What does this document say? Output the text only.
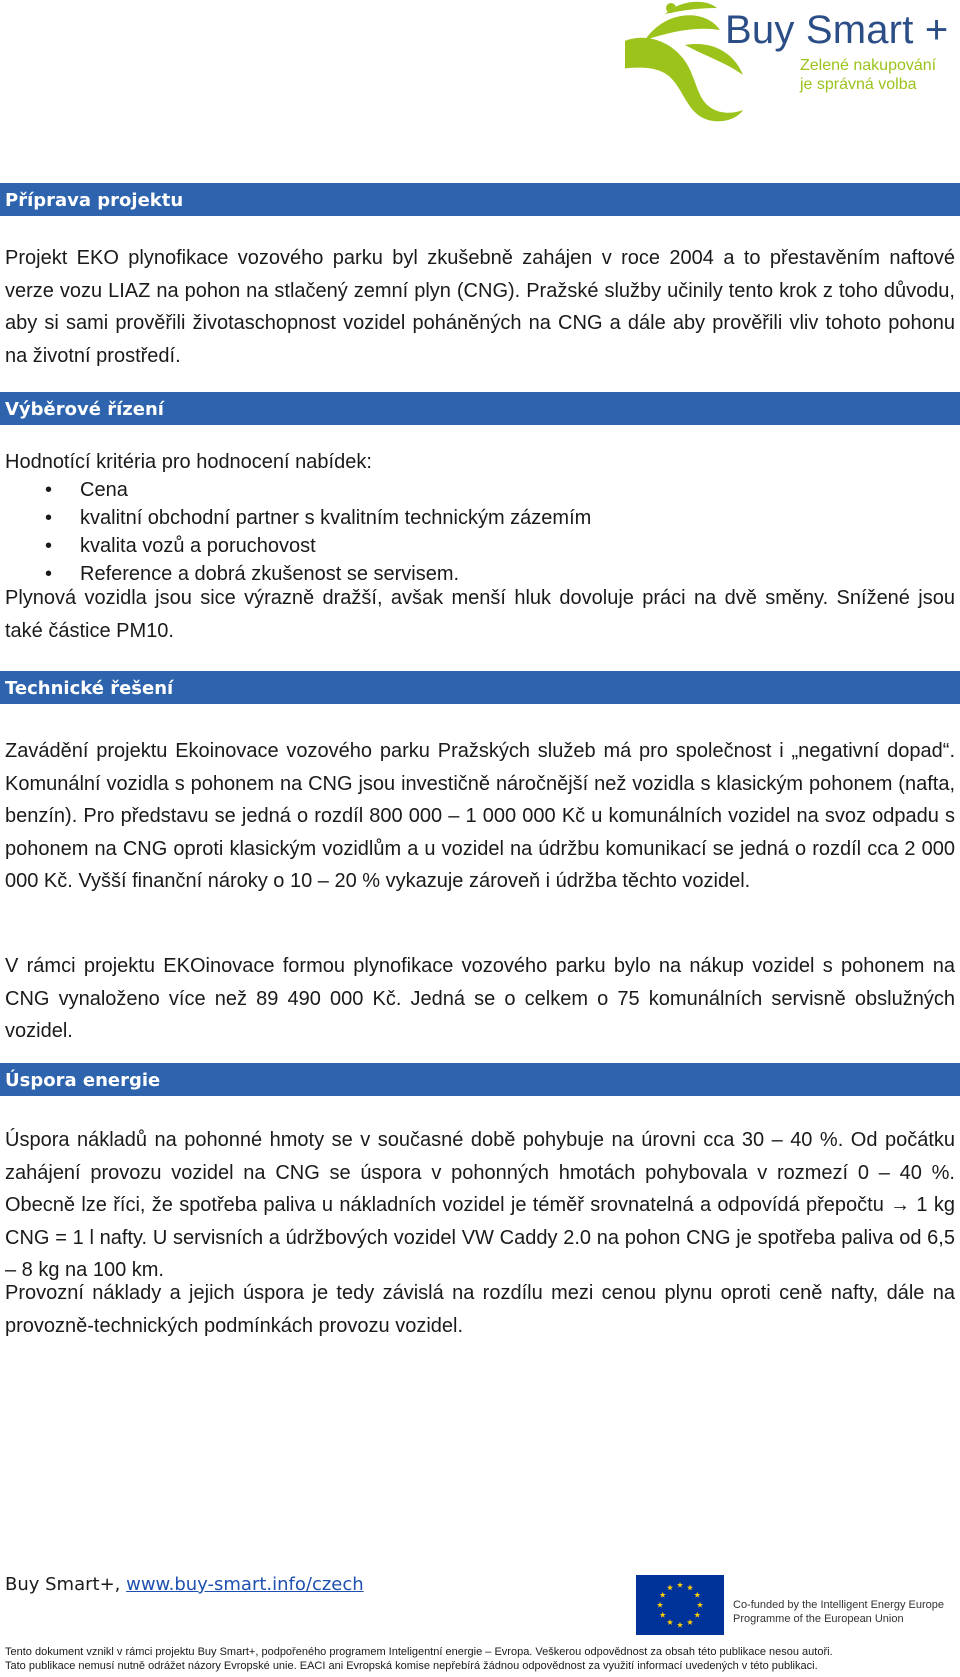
Buy Smart +
Zelené nakupování
je správná volba
Příprava projektu

Projekt EKO plynofikace vozového parku byl zkušebně zahájen v roce 2004 a to přestavěním naftové verze vozu LIAZ na pohon na stlačený zemní plyn (CNG). Pražské služby učinily tento krok z toho důvodu, aby si sami prověřili životaschopnost vozidel poháněných na CNG a dále aby prověřili vliv tohoto pohonu na životní prostředí.

Výběrové řízení
Hodnotící kritéria pro hodnocení nabídek:
• Cena
• kvalitní obchodní partner s kvalitním technickým zázemím
• kvalita vozů a poruchovost
• Reference a dobrá zkušenost se servisem.

Plynová vozidla jsou sice výrazně dražší, avšak menší hluk dovoluje práci na dvě směny. Snížené jsou také částice PM10.

Technické řešení

Zavádění projektu Ekoinovace vozového parku Pražských služeb má pro společnost i „negativní dopad“. Komunální vozidla s pohonem na CNG jsou investičně náročnější než vozidla s klasickým pohonem (nafta, benzín). Pro představu se jedná o rozdíl 800 000 – 1 000 000 Kč u komunálních vozidel na svoz odpadu s pohonem na CNG oproti klasickým vozidlům a u vozidel na údržbu komunikací se jedná o rozdíl cca 2 000 000 Kč. Vyšší finanční nároky o 10 – 20 % vykazuje zároveň i údržba těchto vozidel.

V rámci projektu EKOinovace formou plynofikace vozového parku bylo na nákup vozidel s pohonem na CNG vynaloženo více než 89 490 000 Kč. Jedná se o celkem o 75 komunálních servisně obslužných vozidel.

Úspora energie

Úspora nákladů na pohonné hmoty se v současné době pohybuje na úrovni cca 30 – 40 %. Od počátku zahájení provozu vozidel na CNG se úspora v pohonných hmotách pohybovala v rozmezí 0 – 40 %. Obecně lze říci, že spotřeba paliva u nákladních vozidel je téměř srovnatelná a odpovídá přepočtu → 1 kg CNG = 1 l nafty. U servisních a údržbových vozidel VW Caddy 2.0 na pohon CNG je spotřeba paliva od 6,5 – 8 kg na 100 km.

Provozní náklady a jejich úspora je tedy závislá na rozdílu mezi cenou plynu oproti ceně nafty, dále na provozně-technických podmínkách provozu vozidel.

Buy Smart+, www.buy-smart.info/czech
Co-funded by the Intelligent Energy Europe
Programme of the European Union
Tento dokument vznikl v rámci projektu Buy Smart+, podpořeného programem Inteligentní energie – Evropa. Veškerou odpovědnost za obsah této publikace nesou autoři.
Tato publikace nemusí nutně odrážet názory Evropské unie. EACI ani Evropská komise nepřebírá žádnou odpovědnost za využití informací uvedených v této publikaci.
